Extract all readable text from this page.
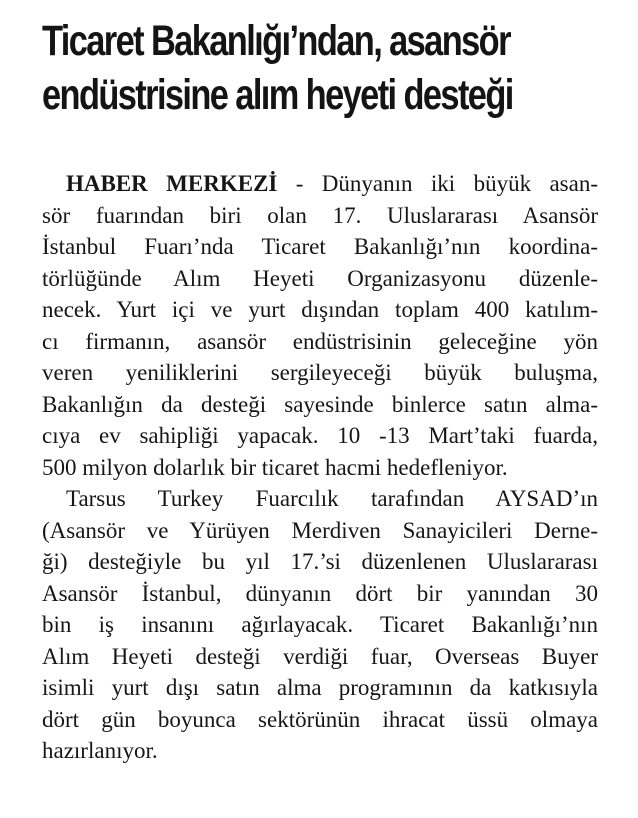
Ticaret Bakanlığı’ndan, asansör
endüstrisine alım heyeti desteği

HABER MERKEZİ - Dünyanın iki büyük asan-
sör fuarından biri olan 17. Uluslararası Asansör
İstanbul Fuarı’nda Ticaret Bakanlığı’nın koordina-
törlüğünde Alım Heyeti Organizasyonu düzenle-
necek. Yurt içi ve yurt dışından toplam 400 katılım-
cı firmanın, asansör endüstrisinin geleceğine yön
veren yeniliklerini sergileyeceği büyük buluşma,
Bakanlığın da desteği sayesinde binlerce satın alma-
cıya ev sahipliği yapacak. 10 -13 Mart’taki fuarda,
500 milyon dolarlık bir ticaret hacmi hedefleniyor.

Tarsus Turkey Fuarcılık tarafından AYSAD’ın
(Asansör ve Yürüyen Merdiven Sanayicileri Derne-
ği) desteğiyle bu yıl 17.’si düzenlenen Uluslararası
Asansör İstanbul, dünyanın dört bir yanından 30
bin iş insanını ağırlayacak. Ticaret Bakanlığı’nın
Alım Heyeti desteği verdiği fuar, Overseas Buyer
isimli yurt dışı satın alma programının da katkısıyla
dört gün boyunca sektörünün ihracat üssü olmaya
hazırlanıyor.
